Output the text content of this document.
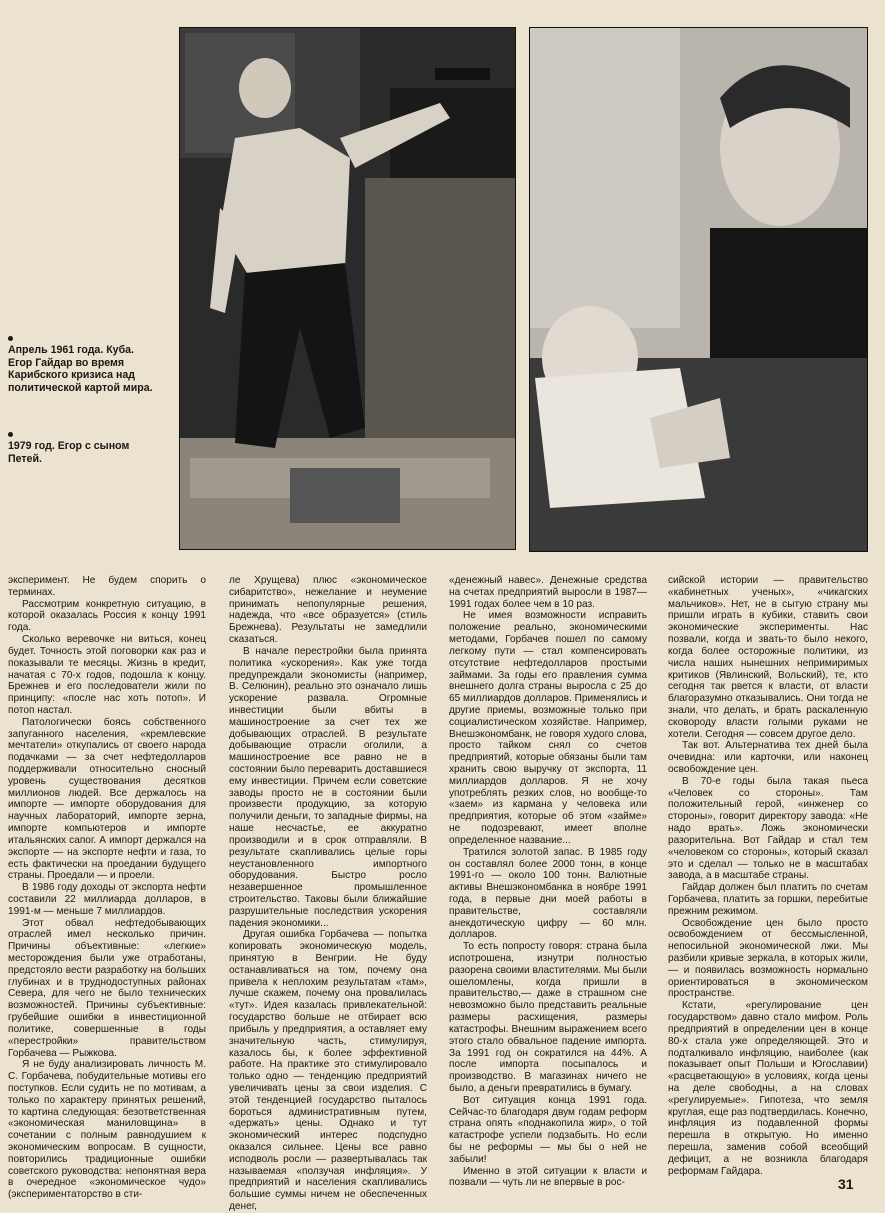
Апрель 1961 года. Куба. Егор Гайдар во время Карибского кризиса над политической картой мира.
1979 год. Егор с сыном Петей.

эксперимент. Не будем спорить о терминах.

Рассмотрим конкретную ситуацию, в которой оказалась Россия к концу 1991 года.

Сколько веревочке ни виться, конец будет. Точность этой поговорки как раз и показывали те месяцы. Жизнь в кредит, начатая с 70-х годов, подошла к концу. Брежнев и его последователи жили по принципу: «после нас хоть потоп». И потоп настал.

Патологически боясь собственного запуганного населения, «кремлевские мечтатели» откупались от своего народа подачками — за счет нефтедолларов поддерживали относительно сносный уровень существования десятков миллионов людей. Все держалось на импорте — импорте оборудования для научных лабораторий, импорте зерна, импорте компьютеров и импорте итальянских сапог. А импорт держался на экспорте — на экспорте нефти и газа, то есть фактически на проедании будущего страны. Проедали — и проели.

В 1986 году доходы от экспорта нефти составили 22 миллиарда долларов, в 1991-м — меньше 7 миллиардов.

Этот обвал нефтедобывающих отраслей имел несколько причин. Причины объективные: «легкие» месторождения были уже отработаны, предстояло вести разработку на больших глубинах и в труднодоступных районах Севера, для чего не было технических возможностей. Причины субъективные: грубейшие ошибки в инвестиционной политике, совершенные в годы «перестройки» правительством Горбачева — Рыжкова.

Я не буду анализировать личность М. С. Горбачева, побудительные мотивы его поступков. Если судить не по мотивам, а только по характеру принятых решений, то картина следующая: безответственная «экономическая маниловщина» в сочетании с полным равнодушием к экономическим вопросам. В сущности, повторились традиционные ошибки советского руководства: непонятная вера в очередное «экономическое чудо» (экспериментаторство в сти-

ле Хрущева) плюс «экономическое сибаритство», нежелание и неумение принимать непопулярные решения, надежда, что «все образуется» (стиль Брежнева). Результаты не замедлили сказаться.

В начале перестройки была принята политика «ускорения». Как уже тогда предупреждали экономисты (например, В. Селюнин), реально это означало лишь ускорение развала. Огромные инвестиции были вбиты в машиностроение за счет тех же добывающих отраслей. В результате добывающие отрасли оголили, а машиностроение все равно не в состоянии было переварить доставшиеся ему инвестиции. Причем если советские заводы просто не в состоянии были произвести продукцию, за которую получили деньги, то западные фирмы, на наше несчастье, ее аккуратно производили и в срок отправляли. В результате скапливались целые горы неустановленного импортного оборудования. Быстро росло незавершенное промышленное строительство. Таковы были ближайшие разрушительные последствия ускорения падения экономики...

Другая ошибка Горбачева — попытка копировать экономическую модель, принятую в Венгрии. Не буду останавливаться на том, почему она привела к неплохим результатам «там», лучше скажем, почему она провалилась «тут». Идея казалась привлекательной: государство больше не отбирает всю прибыль у предприятия, а оставляет ему значительную часть, стимулируя, казалось бы, к более эффективной работе. На практике это стимулировало только одно — тенденцию предприятий увеличивать цены за свои изделия. С этой тенденцией государство пыталось бороться административным путем, «держать» цены. Однако и тут экономический интерес подспудно оказался сильнее. Цены все равно исподволь росли — развертывалась так называемая «ползучая инфляция». У предприятий и населения скапливались большие суммы ничем не обеспеченных денег,

«денежный навес». Денежные средства на счетах предприятий выросли в 1987—1991 годах более чем в 10 раз.

Не имея возможности исправить положение реально, экономическими методами, Горбачев пошел по самому легкому пути — стал компенсировать отсутствие нефтедолларов простыми займами. За годы его правления сумма внешнего долга страны выросла с 25 до 65 миллиардов долларов. Применялись и другие приемы, возможные только при социалистическом хозяйстве. Например, Внешэкономбанк, не говоря худого слова, просто тайком снял со счетов предприятий, которые обязаны были там хранить свою выручку от экспорта, 11 миллиардов долларов. Я не хочу употреблять резких слов, но вообще-то «заем» из кармана у человека или предприятия, которые об этом «займе» не подозревают, имеет вполне определенное название...

Тратился золотой запас. В 1985 году он составлял более 2000 тонн, в конце 1991-го — около 100 тонн. Валютные активы Внешэкономбанка в ноябре 1991 года, в первые дни моей работы в правительстве, составляли анекдотическую цифру — 60 млн. долларов.

То есть попросту говоря: страна была испотрошена, изнутри полностью разорена своими властителями. Мы были ошеломлены, когда пришли в правительство,— даже в страшном сне невозможно было представить реальные размеры расхищения, размеры катастрофы. Внешним выражением всего этого стало обвальное падение импорта. За 1991 год он сократился на 44%. А после импорта посыпалось и производство. В магазинах ничего не было, а деньги превратились в бумагу.

Вот ситуация конца 1991 года. Сейчас-то благодаря двум годам реформ страна опять «поднакопила жир», о той катастрофе успели подзабыть. Но если бы не реформы — мы бы о ней не забыли!

Именно в этой ситуации к власти и позвали — чуть ли не впервые в рос-

сийской истории — правительство «кабинетных ученых», «чикагских мальчиков». Нет, не в сытую страну мы пришли играть в кубики, ставить свои экономические эксперименты. Нас позвали, когда и звать-то было некого, когда более осторожные политики, из числа наших нынешних непримиримых критиков (Явлинский, Вольский), те, кто сегодня так рвется к власти, от власти благоразумно отказывались. Они тогда не знали, что делать, и брать раскаленную сковороду власти голыми руками не хотели. Сегодня — совсем другое дело.

Так вот. Альтернатива тех дней была очевидна: или карточки, или наконец освобождение цен.

В 70-е годы была такая пьеса «Человек со стороны». Там положительный герой, «инженер со стороны», говорит директору завода: «Не надо врать». Ложь экономически разорительна. Вот Гайдар и стал тем «человеком со стороны», который сказал это и сделал — только не в масштабах завода, а в масштабе страны.

Гайдар должен был платить по счетам Горбачева, платить за горшки, перебитые прежним режимом.

Освобождение цен было просто освобождением от бессмысленной, непосильной экономической лжи. Мы разбили кривые зеркала, в которых жили,— и появилась возможность нормально ориентироваться в экономическом пространстве.

Кстати, «регулирование цен государством» давно стало мифом. Роль предприятий в определении цен в конце 80-х стала уже определяющей. Это и подталкивало инфляцию, наиболее (как показывает опыт Польши и Югославии) «расцветающую» в условиях, когда цены на деле свободны, а на словах «регулируемые». Гипотеза, что земля круглая, еще раз подтвердилась. Конечно, инфляция из подавленной формы перешла в открытую. Но именно перешла, заменив собой всеобщий дефицит, а не возникла благодаря реформам Гайдара.

31
